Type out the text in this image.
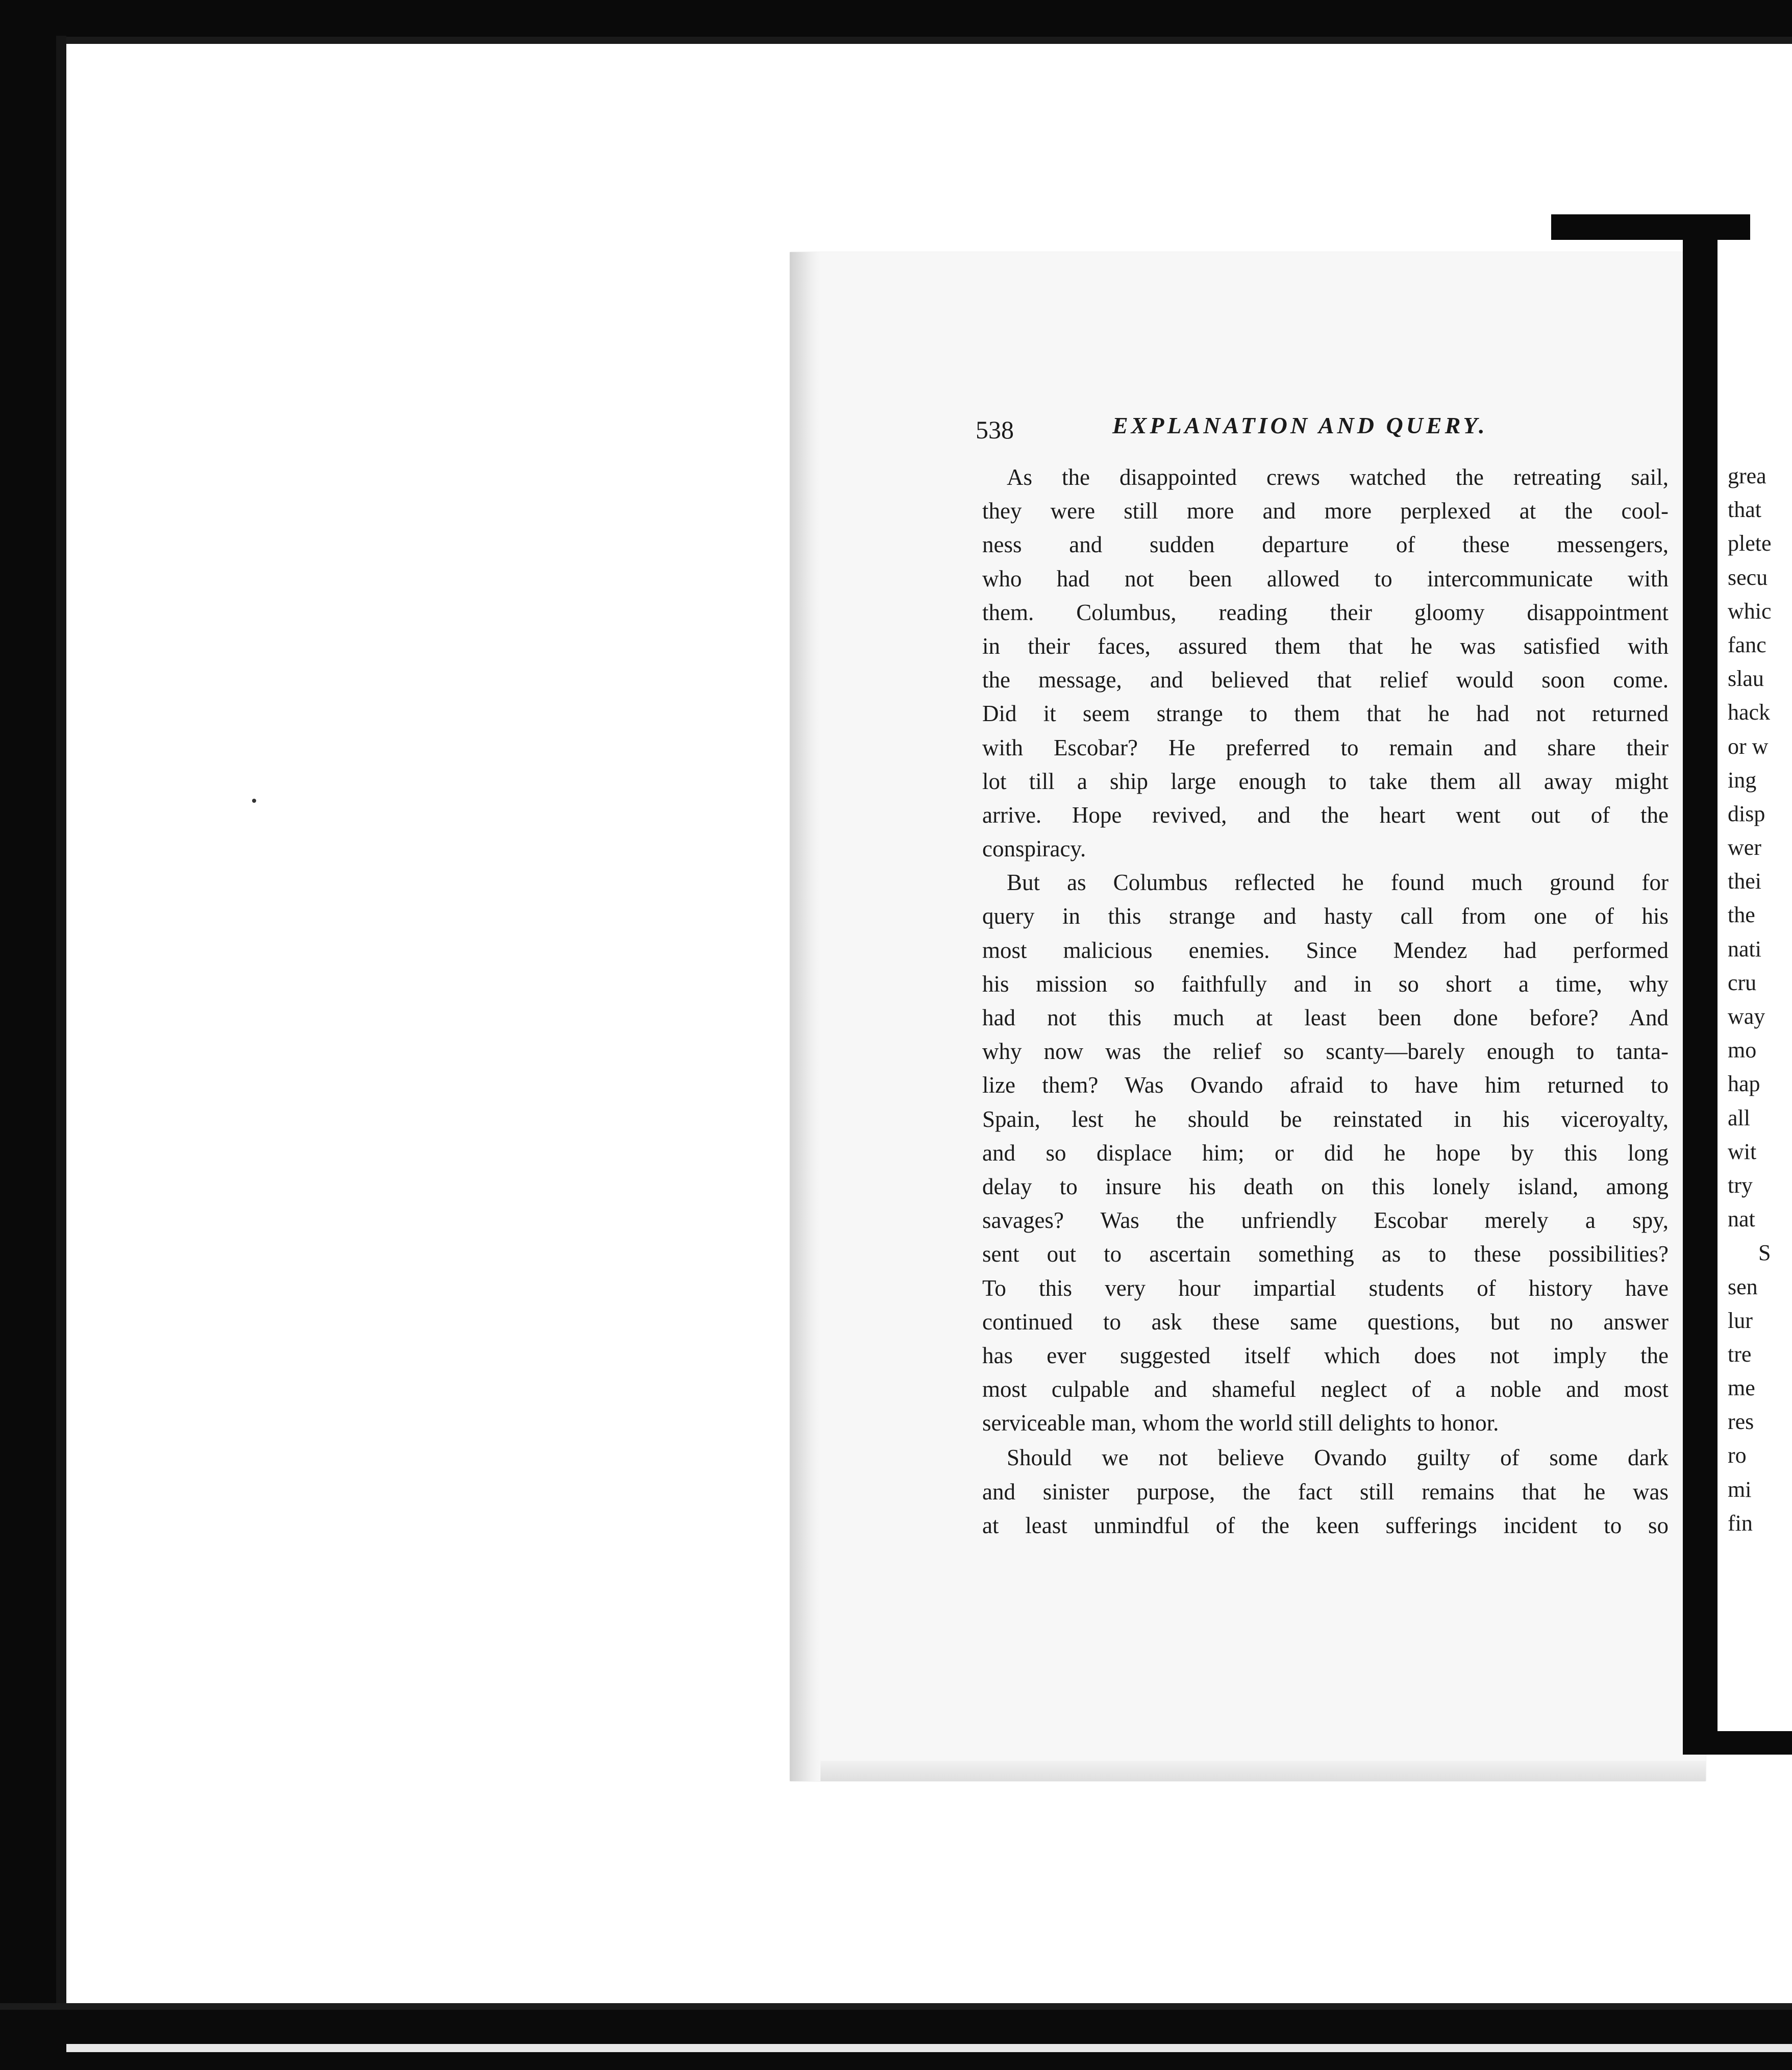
grea
that
plete
secu
whic
fanc
slau
hack
or w
ing
disp
wer
thei
the
nati
cru
way
mo
hap
all
wit
try
nat
S
sen
lur
tre
me
res
ro
mi
fin
538	EXPLANATION AND QUERY.
As the disappointed crews watched the retreating sail,
they were still more and more perplexed at the cool-
ness and sudden departure of these messengers,
who had not been allowed to intercommunicate with
them. Columbus, reading their gloomy disappointment
in their faces, assured them that he was satisfied with
the message, and believed that relief would soon come.
Did it seem strange to them that he had not returned
with Escobar? He preferred to remain and share their
lot till a ship large enough to take them all away might
arrive. Hope revived, and the heart went out of the
conspiracy.
But as Columbus reflected he found much ground for
query in this strange and hasty call from one of his
most malicious enemies. Since Mendez had performed
his mission so faithfully and in so short a time, why
had not this much at least been done before? And
why now was the relief so scanty—barely enough to tanta-
lize them? Was Ovando afraid to have him returned to
Spain, lest he should be reinstated in his viceroyalty,
and so displace him; or did he hope by this long
delay to insure his death on this lonely island, among
savages? Was the unfriendly Escobar merely a spy,
sent out to ascertain something as to these possibilities?
To this very hour impartial students of history have
continued to ask these same questions, but no answer
has ever suggested itself which does not imply the
most culpable and shameful neglect of a noble and most
serviceable man, whom the world still delights to honor.
Should we not believe Ovando guilty of some dark
and sinister purpose, the fact still remains that he was
at least unmindful of the keen sufferings incident to so
